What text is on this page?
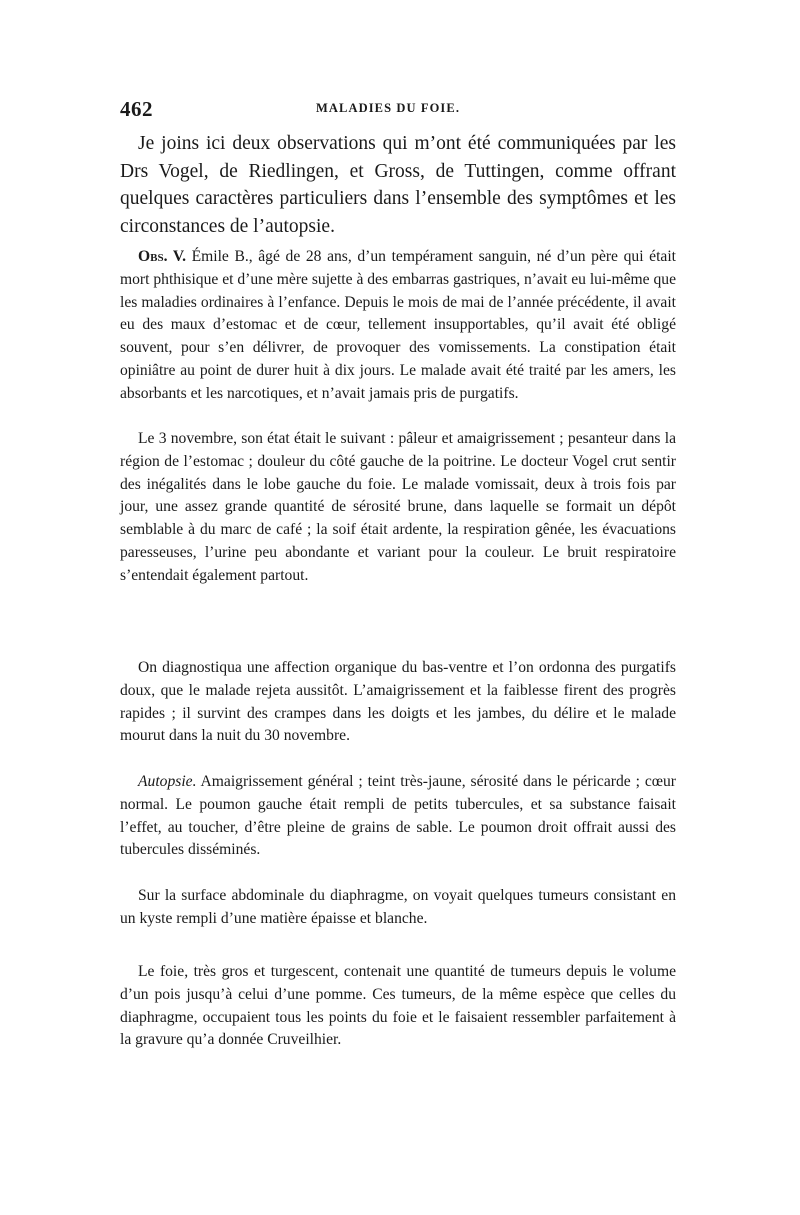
462	MALADIES DU FOIE.

Je joins ici deux observations qui m’ont été communiquées par les Drs Vogel, de Riedlingen, et Gross, de Tuttingen, comme offrant quelques caractères particuliers dans l’ensemble des symptômes et les circonstances de l’autopsie.

Obs. V. Émile B., âgé de 28 ans, d’un tempérament sanguin, né d’un père qui était mort phthisique et d’une mère sujette à des embarras gastriques, n’avait eu lui-même que les maladies ordinaires à l’enfance. Depuis le mois de mai de l’année précédente, il avait eu des maux d’estomac et de cœur, tellement insupportables, qu’il avait été obligé souvent, pour s’en délivrer, de provoquer des vomissements. La constipation était opiniâtre au point de durer huit à dix jours. Le malade avait été traité par les amers, les absorbants et les narcotiques, et n’avait jamais pris de purgatifs.

Le 3 novembre, son état était le suivant : pâleur et amaigrissement ; pesanteur dans la région de l’estomac ; douleur du côté gauche de la poitrine. Le docteur Vogel crut sentir des inégalités dans le lobe gauche du foie. Le malade vomissait, deux à trois fois par jour, une assez grande quantité de sérosité brune, dans laquelle se formait un dépôt semblable à du marc de café ; la soif était ardente, la respiration gênée, les évacuations paresseuses, l’urine peu abondante et variant pour la couleur. Le bruit respiratoire s’entendait également partout.

On diagnostiqua une affection organique du bas-ventre et l’on ordonna des purgatifs doux, que le malade rejeta aussitôt. L’amaigrissement et la faiblesse firent des progrès rapides ; il survint des crampes dans les doigts et les jambes, du délire et le malade mourut dans la nuit du 30 novembre.

Autopsie. Amaigrissement général ; teint très-jaune, sérosité dans le péricarde ; cœur normal. Le poumon gauche était rempli de petits tubercules, et sa substance faisait l’effet, au toucher, d’être pleine de grains de sable. Le poumon droit offrait aussi des tubercules disséminés.

Sur la surface abdominale du diaphragme, on voyait quelques tumeurs consistant en un kyste rempli d’une matière épaisse et blanche.

Le foie, très gros et turgescent, contenait une quantité de tumeurs depuis le volume d’un pois jusqu’à celui d’une pomme. Ces tumeurs, de la même espèce que celles du diaphragme, occupaient tous les points du foie et le faisaient ressembler parfaitement à la gravure qu’a donnée Cruveilhier.
